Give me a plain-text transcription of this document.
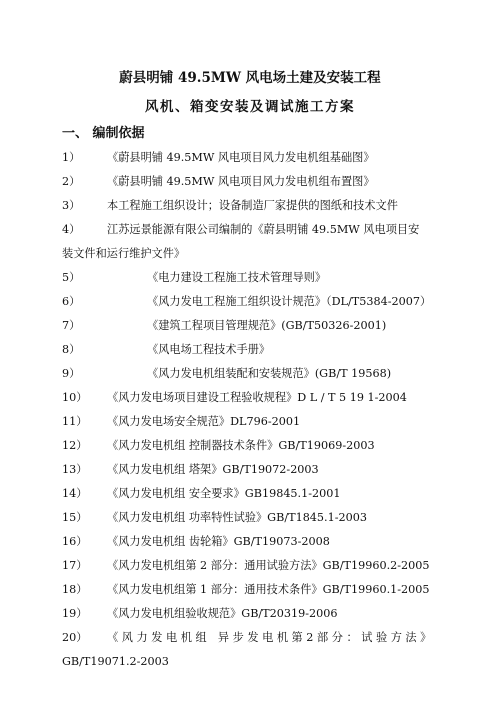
蔚县明铺 49.5MW 风电场土建及安装工程
风机、箱变安装及调试施工方案
一、 编制依据
1） 《蔚县明铺 49.5MW 风电项目风力发电机组基础图》
2） 《蔚县明铺 49.5MW 风电项目风力发电机组布置图》
3） 本工程施工组织设计；设备制造厂家提供的图纸和技术文件
4） 江苏远景能源有限公司编制的《蔚县明铺 49.5MW 风电项目安
装文件和运行维护文件》
5）	《电力建设工程施工技术管理导则》
6）	《风力发电工程施工组织设计规范》（DL/T5384-2007）
7）	《建筑工程项目管理规范》(GB/T50326-2001)
8）	《风电场工程技术手册》
9）	《风力发电机组装配和安装规范》(GB/T 19568)
10） 《风力发电场项目建设工程验收规程》D L / T 5 19 1-2004
11） 《风力发电场安全规范》DL796-2001
12） 《风力发电机组 控制器技术条件》GB/T19069-2003
13） 《风力发电机组 塔架》GB/T19072-2003
14） 《风力发电机组 安全要求》GB19845.1-2001
15） 《风力发电机组 功率特性试验》GB/T1845.1-2003
16） 《风力发电机组 齿轮箱》GB/T19073-2008
17） 《风力发电机组第 2 部分：通用试验方法》GB/T19960.2-2005
18） 《风力发电机组第 1 部分：通用技术条件》GB/T19960.1-2005
19） 《风力发电机组验收规范》GB/T20319-2006
20） 《 风 力 发 电 机 组　异 步 发 电 机 第 2 部 分 ： 试 验 方 法 》
GB/T19071.2-2003
